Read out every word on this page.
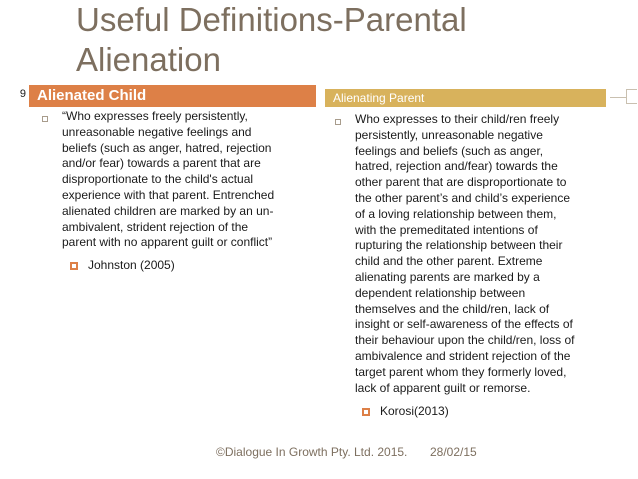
Useful Definitions-Parental
Alienation
9 Alienated Child	Alienating Parent
“Who expresses freely persistently,
unreasonable negative feelings and
beliefs (such as anger, hatred, rejection
and/or fear) towards a parent that are
disproportionate to the child's actual
experience with that parent. Entrenched
alienated children are marked by an un-
ambivalent, strident rejection of the
parent with no apparent guilt or conflict”
Johnston (2005)
Who expresses to their child/ren freely
persistently, unreasonable negative
feelings and beliefs (such as anger,
hatred, rejection and/fear) towards the
other parent that are disproportionate to
the other parent’s and child’s experience
of a loving relationship between them,
with the premeditated intentions of
rupturing the relationship between their
child and the other parent. Extreme
alienating parents are marked by a
dependent relationship between
themselves and the child/ren, lack of
insight or self-awareness of the effects of
their behaviour upon the child/ren, loss of
ambivalence and strident rejection of the
target parent whom they formerly loved,
lack of apparent guilt or remorse.
Korosi(2013)
©Dialogue In Growth Pty. Ltd. 2015. 28/02/15
